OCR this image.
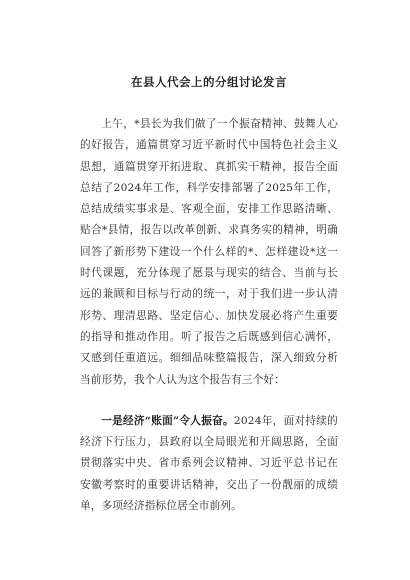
在县人代会上的分组讨论发言

上午，*县长为我们做了一个振奋精神、鼓舞人心的好报告，通篇贯穿习近平新时代中国特色社会主义思想，通篇贯穿开拓进取、真抓实干精神，报告全面总结了2024年工作，科学安排部署了2025年工作，总结成绩实事求是、客观全面，安排工作思路清晰、贴合*县情，报告以改革创新、求真务实的精神，明确回答了新形势下建设一个什么样的*、怎样建设*这一时代课题，充分体现了愿景与现实的结合、当前与长远的兼顾和目标与行动的统一，对于我们进一步认清形势、理清思路、坚定信心、加快发展必将产生重要的指导和推动作用。听了报告之后既感到信心满怀，又感到任重道远。细细品味整篇报告，深入细致分析当前形势，我个人认为这个报告有三个好：

一是经济“账面”令人振奋。2024年，面对持续的经济下行压力，县政府以全局眼光和开阔思路，全面贯彻落实中央、省市系列会议精神、习近平总书记在安徽考察时的重要讲话精神，交出了一份靓丽的成绩单，多项经济指标位居全市前列。
